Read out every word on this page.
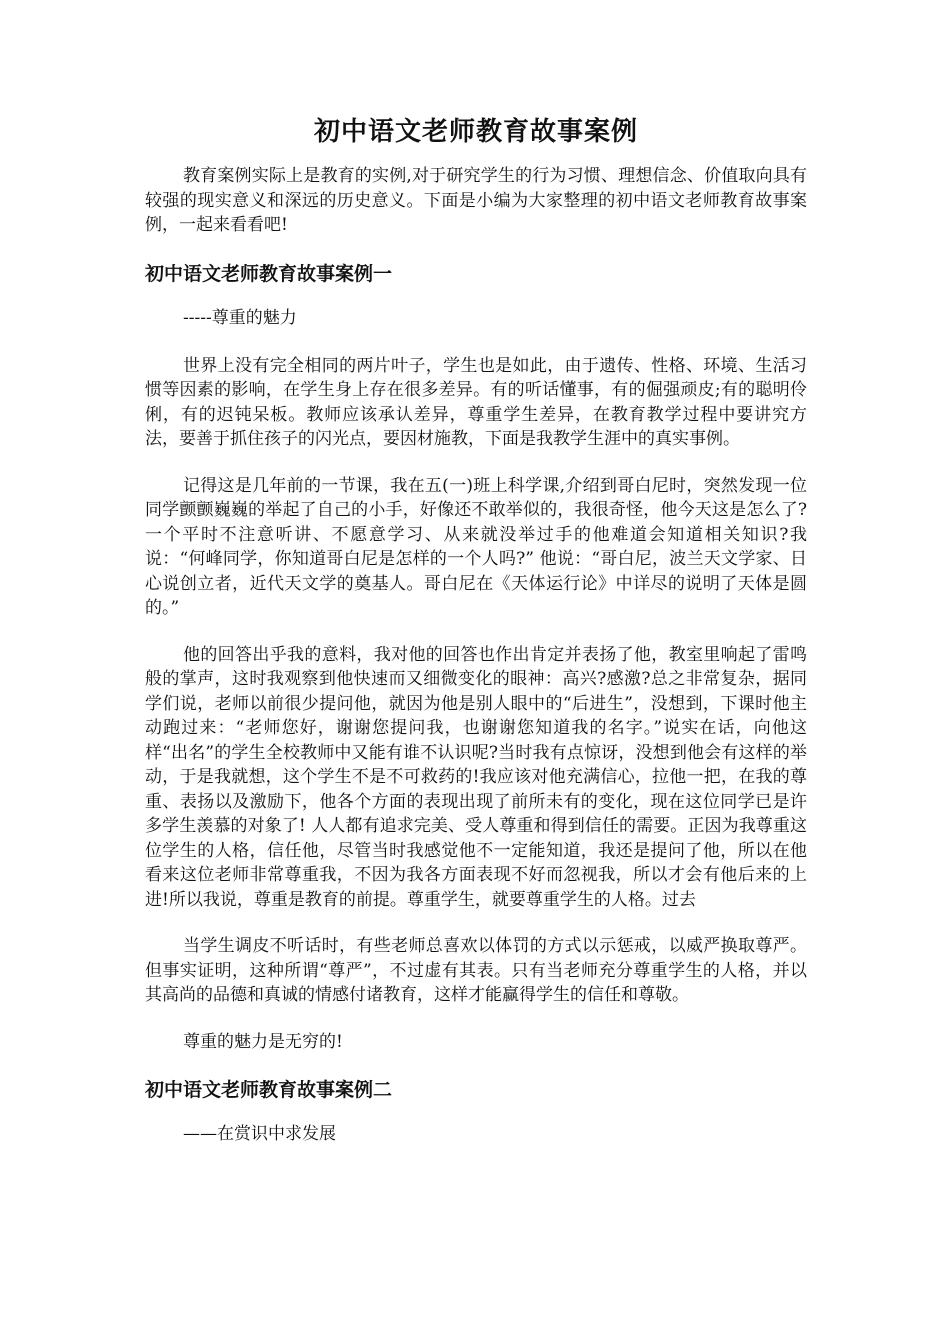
初中语文老师教育故事案例

教育案例实际上是教育的实例,对于研究学生的行为习惯、理想信念、价值取向具有较强的现实意义和深远的历史意义。下面是小编为大家整理的初中语文老师教育故事案例，一起来看看吧!

初中语文老师教育故事案例一

-----尊重的魅力

世界上没有完全相同的两片叶子，学生也是如此，由于遗传、性格、环境、生活习惯等因素的影响，在学生身上存在很多差异。有的听话懂事，有的倔强顽皮;有的聪明伶俐，有的迟钝呆板。教师应该承认差异，尊重学生差异，在教育教学过程中要讲究方法，要善于抓住孩子的闪光点，要因材施教，下面是我教学生涯中的真实事例。

记得这是几年前的一节课，我在五(一)班上科学课,介绍到哥白尼时，突然发现一位同学颤颤巍巍的举起了自己的小手，好像还不敢举似的，我很奇怪，他今天这是怎么了?一个平时不注意听讲、不愿意学习、从来就没举过手的他难道会知道相关知识?我说：“何峰同学，你知道哥白尼是怎样的一个人吗?” 他说：“哥白尼，波兰天文学家、日心说创立者，近代天文学的奠基人。哥白尼在《天体运行论》中详尽的说明了天体是圆的。”

他的回答出乎我的意料，我对他的回答也作出肯定并表扬了他，教室里响起了雷鸣般的掌声，这时我观察到他快速而又细微变化的眼神：高兴?感激?总之非常复杂，据同学们说，老师以前很少提问他，就因为他是别人眼中的“后进生”，没想到，下课时他主动跑过来：“老师您好，谢谢您提问我，也谢谢您知道我的名字。”说实在话，向他这样“出名”的学生全校教师中又能有谁不认识呢?当时我有点惊讶，没想到他会有这样的举动，于是我就想，这个学生不是不可救药的!我应该对他充满信心，拉他一把，在我的尊重、表扬以及激励下，他各个方面的表现出现了前所未有的变化，现在这位同学已是许多学生羡慕的对象了! 人人都有追求完美、受人尊重和得到信任的需要。正因为我尊重这位学生的人格，信任他，尽管当时我感觉他不一定能知道，我还是提问了他，所以在他看来这位老师非常尊重我，不因为我各方面表现不好而忽视我，所以才会有他后来的上进!所以我说，尊重是教育的前提。尊重学生，就要尊重学生的人格。过去

当学生调皮不听话时，有些老师总喜欢以体罚的方式以示惩戒，以威严换取尊严。但事实证明，这种所谓“尊严”，不过虚有其表。只有当老师充分尊重学生的人格，并以其高尚的品德和真诚的情感付诸教育，这样才能赢得学生的信任和尊敬。

尊重的魅力是无穷的!

初中语文老师教育故事案例二

——在赏识中求发展
